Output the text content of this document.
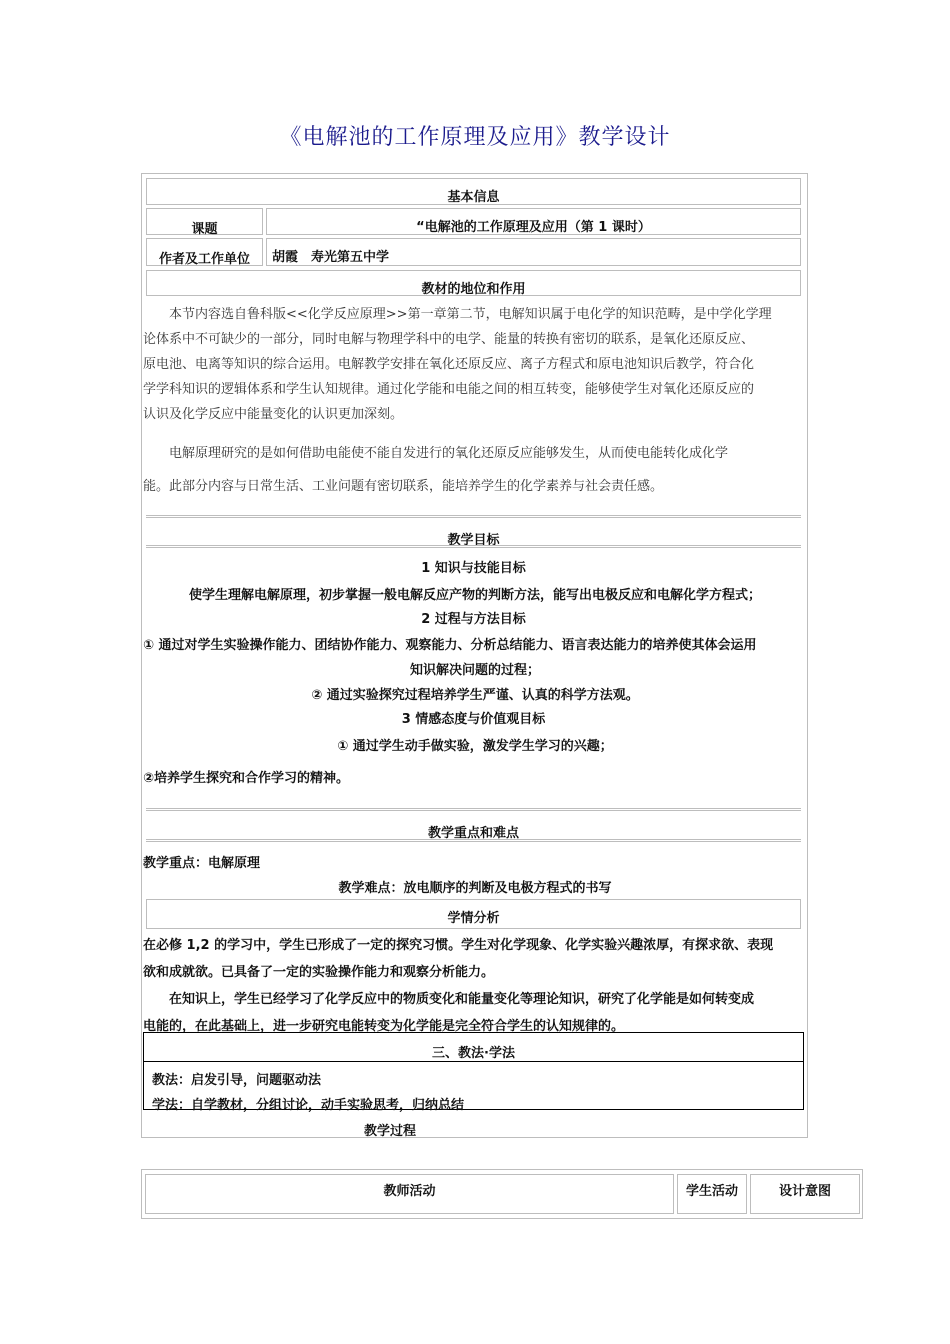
《电解池的工作原理及应用》教学设计
基本信息
课题	“电解池的工作原理及应用（第 1 课时）
作者及工作单位	胡霞　寿光第五中学
教材的地位和作用
　　本节内容选自鲁科版<<化学反应原理>>第一章第二节，电解知识属于电化学的知识范畴，是中学化学理
论体系中不可缺少的一部分，同时电解与物理学科中的电学、能量的转换有密切的联系，是氧化还原反应、
原电池、电离等知识的综合运用。电解教学安排在氧化还原反应、离子方程式和原电池知识后教学，符合化
学学科知识的逻辑体系和学生认知规律。通过化学能和电能之间的相互转变，能够使学生对氧化还原反应的
认识及化学反应中能量变化的认识更加深刻。
　　电解原理研究的是如何借助电能使不能自发进行的氧化还原反应能够发生，从而使电能转化成化学
能。此部分内容与日常生活、工业问题有密切联系，能培养学生的化学素养与社会责任感。
教学目标
1 知识与技能目标
使学生理解电解原理，初步掌握一般电解反应产物的判断方法，能写出电极反应和电解化学方程式；
2 过程与方法目标
① 通过对学生实验操作能力、团结协作能力、观察能力、分析总结能力、语言表达能力的培养使其体会运用
知识解决问题的过程；
② 通过实验探究过程培养学生严谨、认真的科学方法观。
3 情感态度与价值观目标
① 通过学生动手做实验，激发学生学习的兴趣；
②培养学生探究和合作学习的精神。
教学重点和难点
教学重点：电解原理
教学难点：放电顺序的判断及电极方程式的书写
学情分析
在必修 1,2 的学习中，学生已形成了一定的探究习惯。学生对化学现象、化学实验兴趣浓厚，有探求欲、表现
欲和成就欲。已具备了一定的实验操作能力和观察分析能力。
　　在知识上，学生已经学习了化学反应中的物质变化和能量变化等理论知识，研究了化学能是如何转变成
电能的，在此基础上，进一步研究电能转变为化学能是完全符合学生的认知规律的。
三、教法·学法
教法：启发引导，问题驱动法
学法：自学教材，分组讨论，动手实验思考，归纳总结
教学过程
教师活动	学生活动	设计意图
